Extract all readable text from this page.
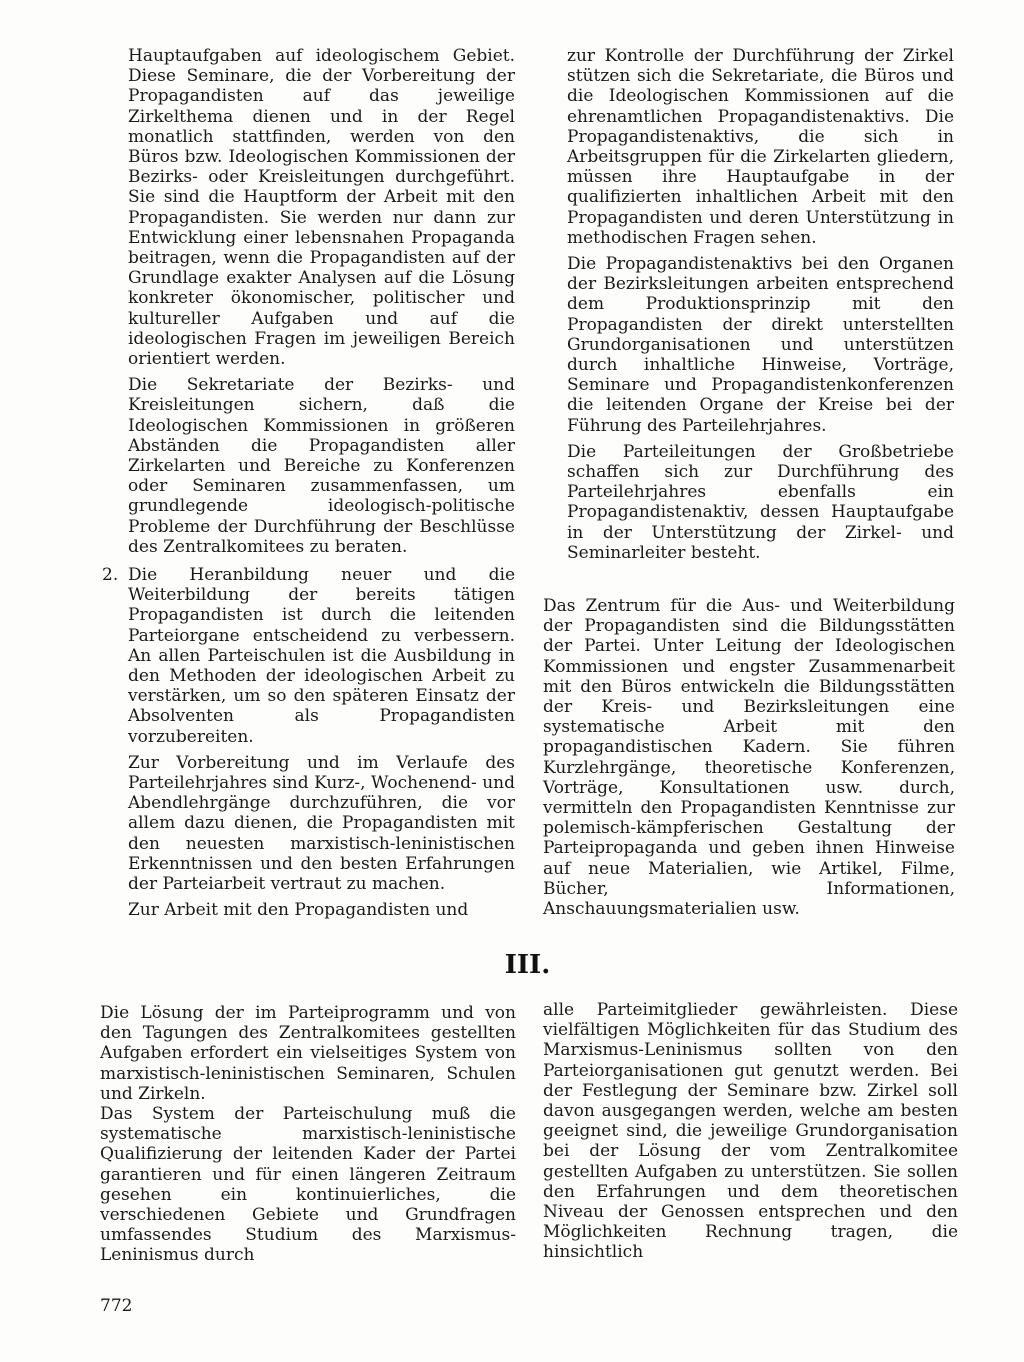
Hauptaufgaben auf ideologischem Gebiet. Diese Seminare, die der Vorbereitung der Propagandisten auf das jeweilige Zirkelthema dienen und in der Regel monatlich stattfinden, werden von den Büros bzw. Ideologischen Kommissionen der Bezirks- oder Kreisleitungen durchgeführt. Sie sind die Hauptform der Arbeit mit den Propagandisten. Sie werden nur dann zur Entwicklung einer lebensnahen Propaganda beitragen, wenn die Propagandisten auf der Grundlage exakter Analysen auf die Lösung konkreter ökonomischer, politischer und kultureller Aufgaben und auf die ideologischen Fragen im jeweiligen Bereich orientiert werden.

Die Sekretariate der Bezirks- und Kreisleitungen sichern, daß die Ideologischen Kommissionen in größeren Abständen die Propagandisten aller Zirkelarten und Bereiche zu Konferenzen oder Seminaren zusammenfassen, um grundlegende ideologisch-politische Probleme der Durchführung der Beschlüsse des Zentralkomitees zu beraten.

2. Die Heranbildung neuer und die Weiterbildung der bereits tätigen Propagandisten ist durch die leitenden Parteiorgane entscheidend zu verbessern. An allen Parteischulen ist die Ausbildung in den Methoden der ideologischen Arbeit zu verstärken, um so den späteren Einsatz der Absolventen als Propagandisten vorzubereiten.

Zur Vorbereitung und im Verlaufe des Parteilehrjahres sind Kurz-, Wochenend- und Abendlehrgänge durchzuführen, die vor allem dazu dienen, die Propagandisten mit den neuesten marxistisch-leninistischen Erkenntnissen und den besten Erfahrungen der Parteiarbeit vertraut zu machen.

Zur Arbeit mit den Propagandisten und

zur Kontrolle der Durchführung der Zirkel stützen sich die Sekretariate, die Büros und die Ideologischen Kommissionen auf die ehrenamtlichen Propagandistenaktivs. Die Propagandistenaktivs, die sich in Arbeitsgruppen für die Zirkelarten gliedern, müssen ihre Hauptaufgabe in der qualifizierten inhaltlichen Arbeit mit den Propagandisten und deren Unterstützung in methodischen Fragen sehen.

Die Propagandistenaktivs bei den Organen der Bezirksleitungen arbeiten entsprechend dem Produktionsprinzip mit den Propagandisten der direkt unterstellten Grundorganisationen und unterstützen durch inhaltliche Hinweise, Vorträge, Seminare und Propagandistenkonferenzen die leitenden Organe der Kreise bei der Führung des Parteilehrjahres.

Die Parteileitungen der Großbetriebe schaffen sich zur Durchführung des Parteilehrjahres ebenfalls ein Propagandistenaktiv, dessen Hauptaufgabe in der Unterstützung der Zirkel- und Seminarleiter besteht.

Das Zentrum für die Aus- und Weiterbildung der Propagandisten sind die Bildungsstätten der Partei. Unter Leitung der Ideologischen Kommissionen und engster Zusammenarbeit mit den Büros entwickeln die Bildungsstätten der Kreis- und Bezirksleitungen eine systematische Arbeit mit den propagandistischen Kadern. Sie führen Kurzlehrgänge, theoretische Konferenzen, Vorträge, Konsultationen usw. durch, vermitteln den Propagandisten Kenntnisse zur polemisch-kämpferischen Gestaltung der Parteipropaganda und geben ihnen Hinweise auf neue Materialien, wie Artikel, Filme, Bücher, Informationen, Anschauungsmaterialien usw.

III.

Die Lösung der im Parteiprogramm und von den Tagungen des Zentralkomitees gestellten Aufgaben erfordert ein vielseitiges System von marxistisch-leninistischen Seminaren, Schulen und Zirkeln.

Das System der Parteischulung muß die systematische marxistisch-leninistische Qualifizierung der leitenden Kader der Partei garantieren und für einen längeren Zeitraum gesehen ein kontinuierliches, die verschiedenen Gebiete und Grundfragen umfassendes Studium des Marxismus-Leninismus durch

alle Parteimitglieder gewährleisten. Diese vielfältigen Möglichkeiten für das Studium des Marxismus-Leninismus sollten von den Parteiorganisationen gut genutzt werden. Bei der Festlegung der Seminare bzw. Zirkel soll davon ausgegangen werden, welche am besten geeignet sind, die jeweilige Grundorganisation bei der Lösung der vom Zentralkomitee gestellten Aufgaben zu unterstützen. Sie sollen den Erfahrungen und dem theoretischen Niveau der Genossen entsprechen und den Möglichkeiten Rechnung tragen, die hinsichtlich

772
